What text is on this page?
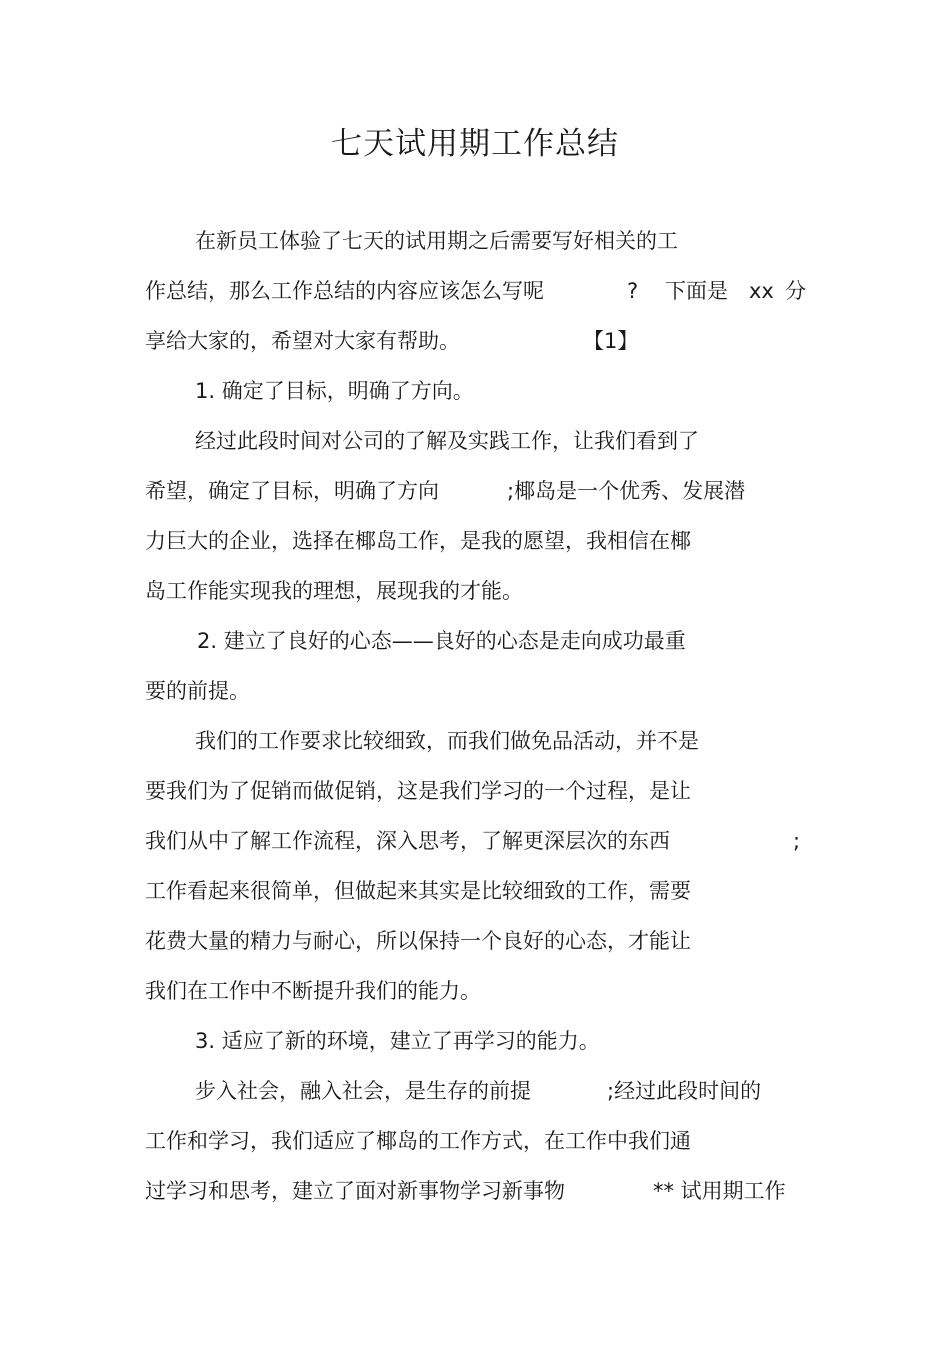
七天试用期工作总结
在新员工体验了七天的试用期之后需要写好相关的工
作总结，那么工作总结的内容应该怎么写呢	? 下面是 xx 分
享给大家的，希望对大家有帮助。	【1】
1. 确定了目标，明确了方向。
经过此段时间对公司的了解及实践工作，让我们看到了
希望，确定了目标，明确了方向	;椰岛是一个优秀、发展潜
力巨大的企业，选择在椰岛工作，是我的愿望，我相信在椰
岛工作能实现我的理想，展现我的才能。
2. 建立了良好的心态——良好的心态是走向成功最重
要的前提。
我们的工作要求比较细致，而我们做免品活动，并不是
要我们为了促销而做促销，这是我们学习的一个过程，是让
我们从中了解工作流程，深入思考，了解更深层次的东西	;
工作看起来很简单，但做起来其实是比较细致的工作，需要
花费大量的精力与耐心，所以保持一个良好的心态，才能让
我们在工作中不断提升我们的能力。
3. 适应了新的环境，建立了再学习的能力。
步入社会，融入社会，是生存的前提	;经过此段时间的
工作和学习，我们适应了椰岛的工作方式，在工作中我们通
过学习和思考，建立了面对新事物学习新事物	** 试用期工作
